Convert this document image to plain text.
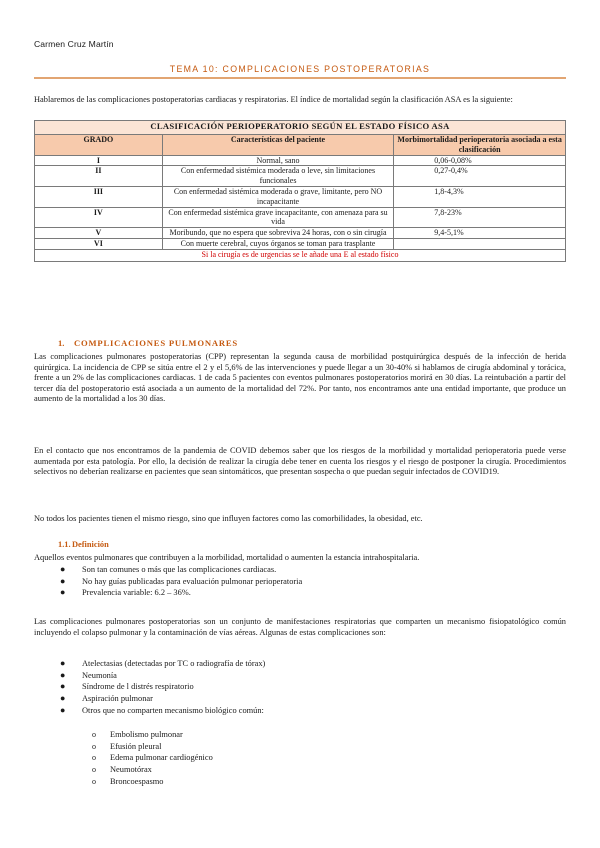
Carmen Cruz Martín
TEMA 10: COMPLICACIONES POSTOPERATORIAS
Hablaremos de las complicaciones postoperatorias cardiacas y respiratorias. El índice de mortalidad según la clasificación ASA es la siguiente:
CLASIFICACIÓN PERIOPERATORIO SEGÚN EL ESTADO FÍSICO ASA		
GRADO	Características del paciente	Morbimortalidad perioperatoria asociada a esta clasificación
I	Normal, sano	0,06-0,08%
II	Con enfermedad sistémica moderada o leve, sin limitaciones funcionales	0,27-0,4%
III	Con enfermedad sistémica moderada o grave, limitante, pero NO incapacitante	1,8-4,3%
IV	Con enfermedad sistémica grave incapacitante, con amenaza para su vida	7,8-23%
V	Moribundo, que no espera que sobreviva 24 horas, con o sin cirugía	9,4-5,1%
VI	Con muerte cerebral, cuyos órganos se toman para trasplante	
Si la cirugía es de urgencias se le añade una E al estado físico		
1. COMPLICACIONES PULMONARES
Las complicaciones pulmonares postoperatorias (CPP) representan la segunda causa de morbilidad postquirúrgica después de la infección de herida quirúrgica. La incidencia de CPP se sitúa entre el 2 y el 5,6% de las intervenciones y puede llegar a un 30-40% si hablamos de cirugía abdominal y torácica, frente a un 2% de las complicaciones cardiacas. 1 de cada 5 pacientes con eventos pulmonares postoperatorios morirá en 30 días. La reintubación a partir del tercer día del postoperatorio está asociada a un aumento de la mortalidad del 72%. Por tanto, nos encontramos ante una entidad importante, que produce un aumento de la mortalidad a los 30 días.
En el contacto que nos encontramos de la pandemia de COVID debemos saber que los riesgos de la morbilidad y mortalidad perioperatoria puede verse aumentada por esta patología. Por ello, la decisión de realizar la cirugía debe tener en cuenta los riesgos y el riesgo de postponer la cirugía. Procedimientos selectivos no deberían realizarse en pacientes que sean sintomáticos, que presentan sospecha o que puedan seguir infectados de COVID19.
No todos los pacientes tienen el mismo riesgo, sino que influyen factores como las comorbilidades, la obesidad, etc.
1.1. Definición
Aquellos eventos pulmonares que contribuyen a la morbilidad, mortalidad o aumenten la estancia intrahospitalaria.
● Son tan comunes o más que las complicaciones cardiacas.
● No hay guías publicadas para evaluación pulmonar perioperatoria
● Prevalencia variable: 6.2 – 36%.
Las complicaciones pulmonares postoperatorias son un conjunto de manifestaciones respiratorias que comparten un mecanismo fisiopatológico común incluyendo el colapso pulmonar y la contaminación de vías aéreas. Algunas de estas complicaciones son:
● Atelectasias (detectadas por TC o radiografía de tórax)
● Neumonía
● Síndrome de l distrés respiratorio
● Aspiración pulmonar
● Otros que no comparten mecanismo biológico común:
o Embolismo pulmonar
o Efusión pleural
o Edema pulmonar cardiogénico
o Neumotórax
o Broncoespasmo
